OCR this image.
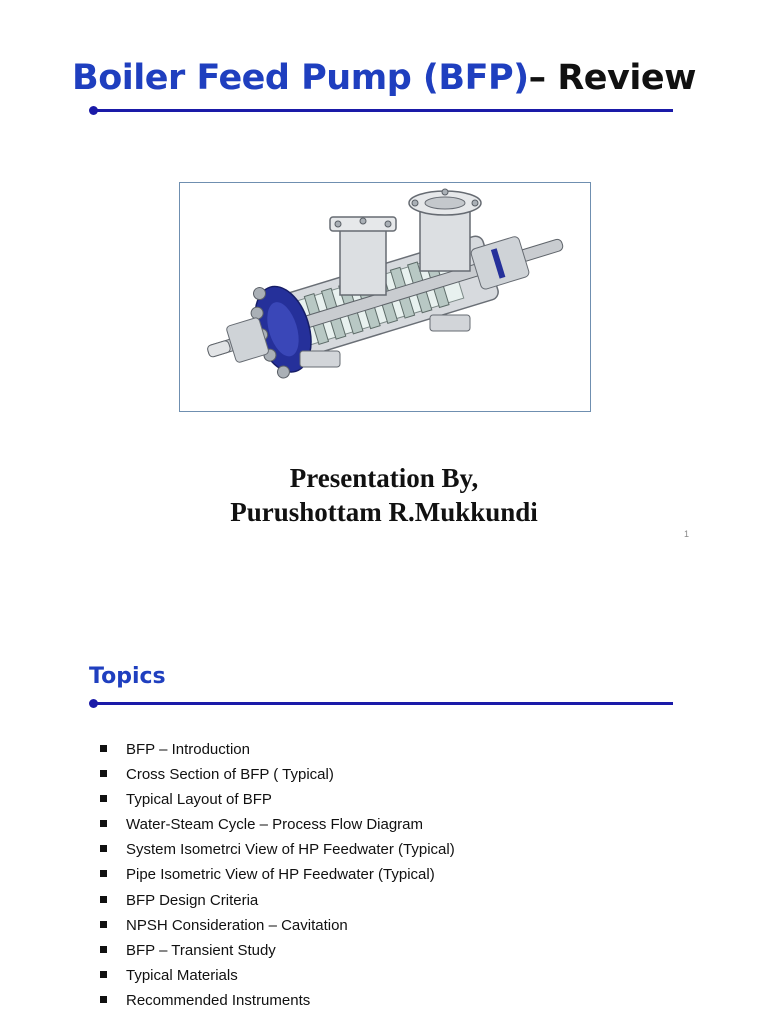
Boiler Feed Pump (BFP)– Review
Presentation By,
Purushottam R.Mukkundi
1
Topics
BFP – Introduction
Cross Section of BFP ( Typical)
Typical Layout of BFP
Water-Steam Cycle – Process Flow Diagram
System Isometrci View of HP Feedwater (Typical)
Pipe Isometric View of HP Feedwater (Typical)
BFP Design Criteria
NPSH Consideration – Cavitation
BFP – Transient Study
Typical Materials
Recommended Instruments
